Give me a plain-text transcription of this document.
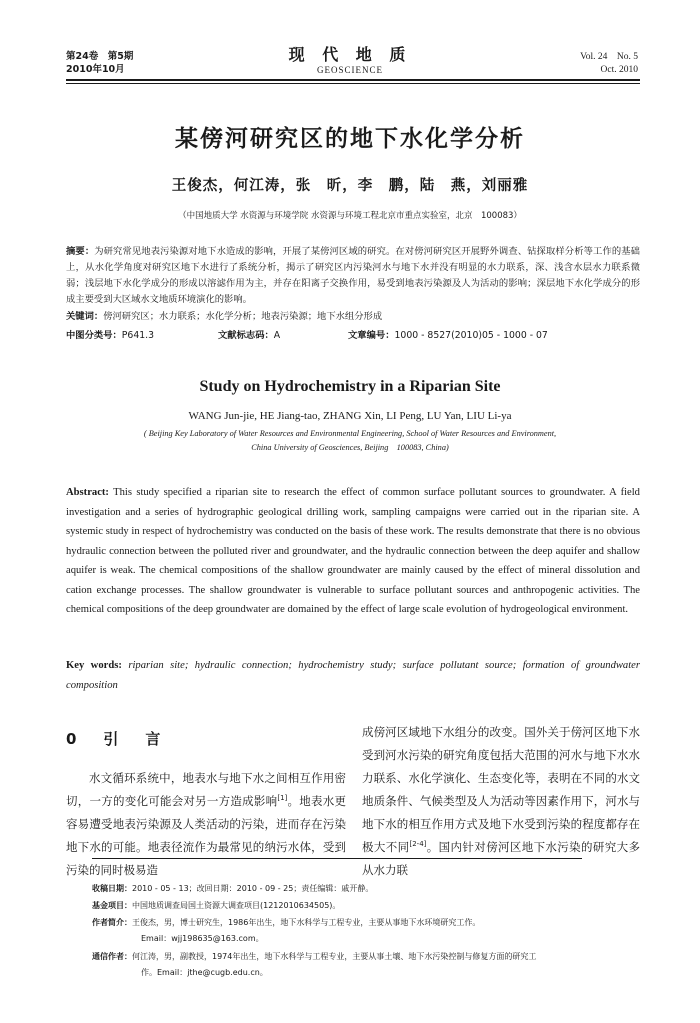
第24卷　第5期
2010年10月
现 代 地 质
GEOSCIENCE
Vol. 24　No. 5
Oct. 2010
某傍河研究区的地下水化学分析
王俊杰，何江涛，张　昕，李　鹏，陆　燕，刘丽雅
（中国地质大学 水资源与环境学院 水资源与环境工程北京市重点实验室，北京　100083）
摘要：为研究常见地表污染源对地下水造成的影响，开展了某傍河区域的研究。在对傍河研究区开展野外调查、钻探取样分析等工作的基础上，从水化学角度对研究区地下水进行了系统分析，揭示了研究区内污染河水与地下水并没有明显的水力联系，深、浅含水层水力联系微弱；浅层地下水化学成分的形成以溶滤作用为主，并存在阳离子交换作用，易受到地表污染源及人为活动的影响；深层地下水化学成分的形成主要受到大区域水文地质环境演化的影响。
关键词：傍河研究区；水力联系；水化学分析；地表污染源；地下水组分形成
中图分类号：P641.3	文献标志码：A	文章编号：1000 - 8527(2010)05 - 1000 - 07
Study on Hydrochemistry in a Riparian Site
WANG Jun-jie, HE Jiang-tao, ZHANG Xin, LI Peng, LU Yan, LIU Li-ya
( Beijing Key Laboratory of Water Resources and Environmental Engineering, School of Water Resources and Environment,
China University of Geosciences, Beijing　100083, China)
Abstract: This study specified a riparian site to research the effect of common surface pollutant sources to groundwater. A field investigation and a series of hydrographic geological drilling work, sampling campaigns were carried out in the riparian site. A systemic study in respect of hydrochemistry was conducted on the basis of these work. The results demonstrate that there is no obvious hydraulic connection between the polluted river and groundwater, and the hydraulic connection between the deep aquifer and shallow aquifer is weak. The chemical compositions of the shallow groundwater are mainly caused by the effect of mineral dissolution and cation exchange processes. The shallow groundwater is vulnerable to surface pollutant sources and anthropogenic activities. The chemical compositions of the deep groundwater are domained by the effect of large scale evolution of hydrogeological environment.
Key words: riparian site; hydraulic connection; hydrochemistry study; surface pollutant source; formation of groundwater composition
0　引　言
水文循环系统中，地表水与地下水之间相互作用密切，一方的变化可能会对另一方造成影响[1]。地表水更容易遭受地表污染源及人类活动的污染，进而存在污染地下水的可能。地表径流作为最常见的纳污水体，受到污染的同时极易造
成傍河区域地下水组分的改变。国外关于傍河区地下水受到河水污染的研究角度包括大范围的河水与地下水水力联系、水化学演化、生态变化等，表明在不同的水文地质条件、气候类型及人为活动等因素作用下，河水与地下水的相互作用方式及地下水受到污染的程度都存在极大不同[2-4]。国内针对傍河区地下水污染的研究大多从水力联
收稿日期：2010 - 05 - 13；改回日期：2010 - 09 - 25；责任编辑：戚开静。
基金项目：中国地质调查局国土资源大调查项目(1212010634505)。
作者简介：王俊杰，男，博士研究生，1986年出生，地下水科学与工程专业，主要从事地下水环境研究工作。
Email：wjj198635@163.com。
通信作者：何江涛，男，副教授，1974年出生，地下水科学与工程专业，主要从事土壤、地下水污染控制与修复方面的研究工
作。Email：jthe@cugb.edu.cn。
